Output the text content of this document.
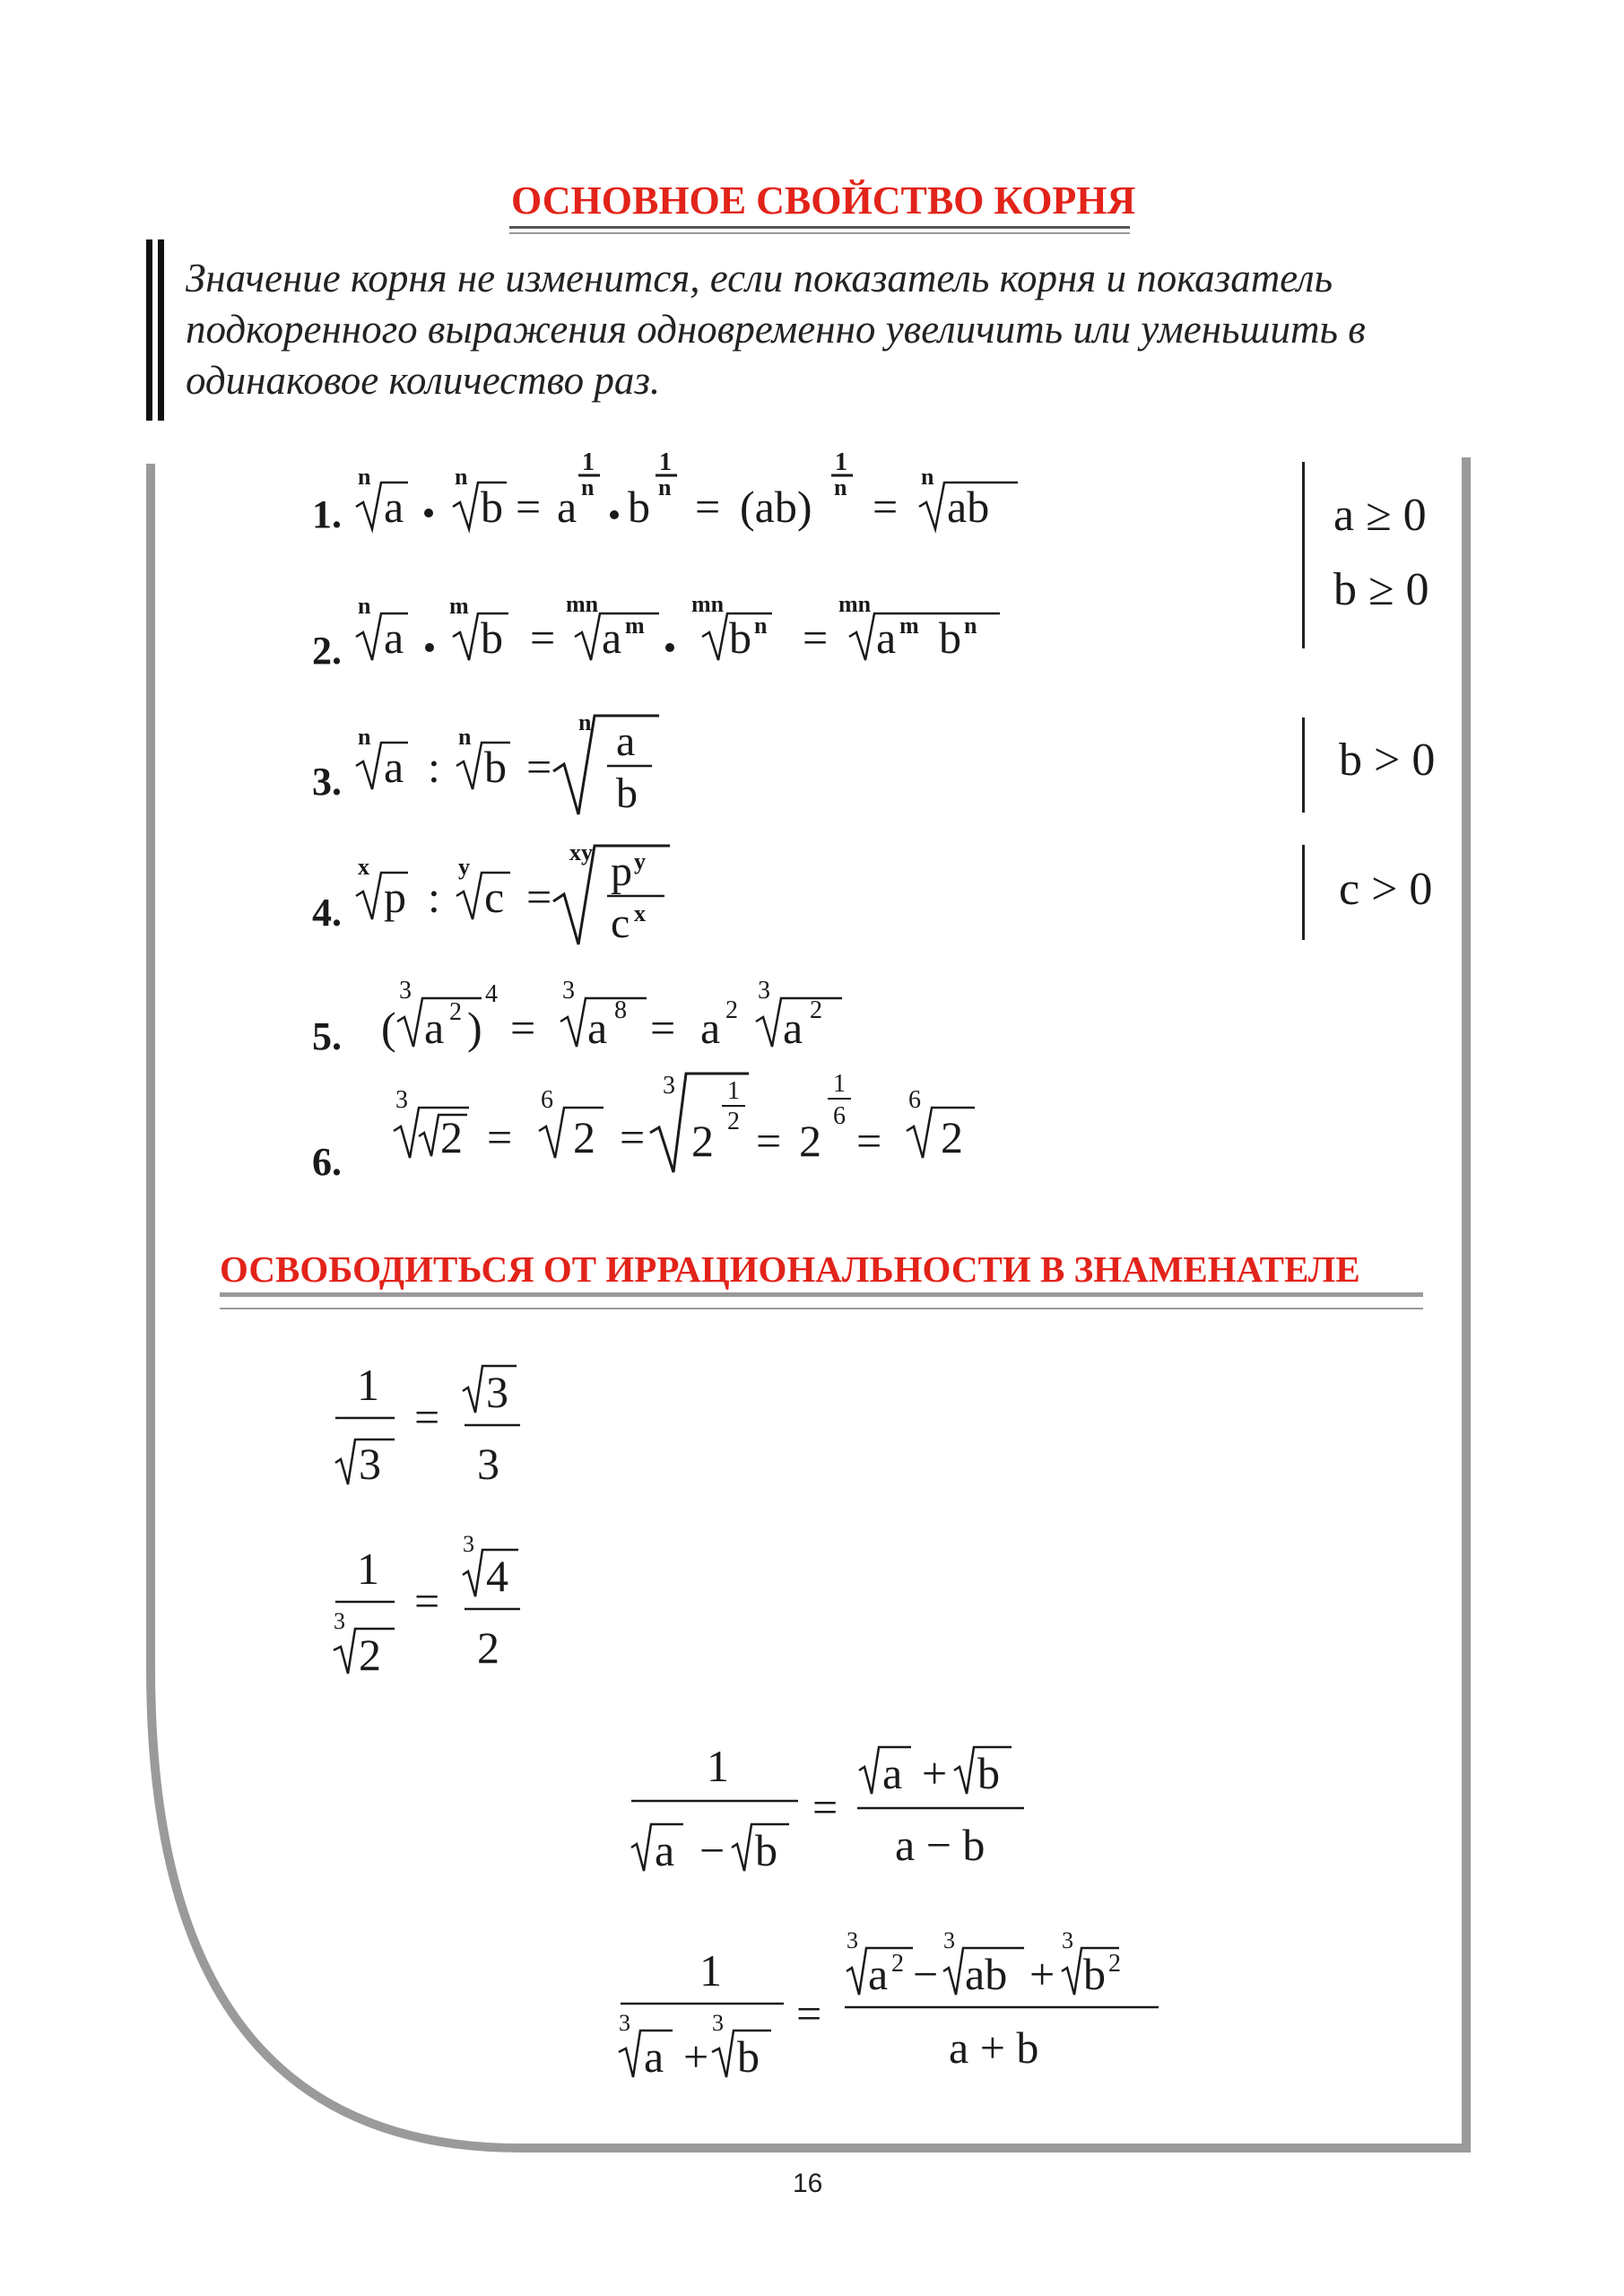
ОСНОВНОЕ СВОЙСТВО КОРНЯ
Значение корня не изменится, если показатель корня и показатель
подкоренного выражения одновременно увеличить или уменьшить в
одинаковое количество раз.
1.
n
a
n
b = a
1
n b
1
n = (ab)
1
n =
n
ab
2.
n
a
m
b =
mn
a m
mn
b n =
mn
a m b n
a ≥ 0
b ≥ 0
3.
n
a :
n
b =
n a
b
b > 0
4.
x
p :
y
c =
xy p y
c x	c > 0
5. (
3
a 2 )
4
=
3
a 8 = a 2
3
a 2
6.
3
2 =
6
2 =
3
2
1
2 = 2
1
6 =
6
2
ОСВОБОДИТЬСЯ ОТ ИРРАЦИОНАЛЬНОСТИ В ЗНАМЕНАТЕЛЕ
1
3
= 3
3
1
3
2
=
3
4
2
1
a − b
=
a + b
a − b
1
3
a +
3
b
=
3
a 2 −
3
ab +
3
b 2
a + b
16
